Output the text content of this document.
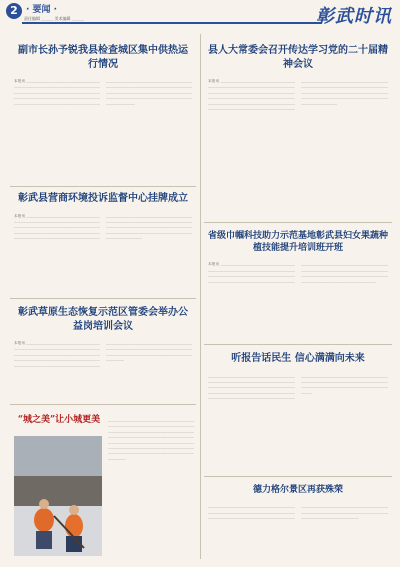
2 · 要闻 ·
责任编辑 ＿＿＿ 美术编辑 ＿＿＿	彰武时讯
副市长孙予锐我县检查城区集中供热运行情况
本报讯 ＿＿＿＿＿＿＿＿＿＿＿＿＿＿＿＿＿＿＿＿＿＿＿＿＿＿＿＿＿＿＿＿＿＿＿＿＿＿＿＿＿＿＿＿＿＿＿＿＿＿＿＿＿＿＿＿＿＿＿＿＿＿＿＿＿＿＿＿＿＿＿＿＿＿＿＿＿＿＿＿＿＿＿＿＿＿＿＿＿＿＿＿＿＿＿＿＿＿＿＿＿＿＿＿＿＿＿＿＿＿＿＿＿＿＿＿＿＿＿＿＿＿＿＿＿＿＿＿＿＿＿＿＿＿＿＿＿＿＿＿＿＿＿＿＿＿＿＿＿＿＿＿＿＿＿＿＿＿＿＿＿＿＿＿＿＿＿＿＿＿＿＿＿＿＿＿＿＿＿＿＿＿＿＿＿＿＿＿＿＿＿＿＿＿＿＿＿＿＿＿＿＿＿＿＿＿＿＿＿＿＿＿
彰武县营商环境投诉监督中心挂牌成立
本报讯 ＿＿＿＿＿＿＿＿＿＿＿＿＿＿＿＿＿＿＿＿＿＿＿＿＿＿＿＿＿＿＿＿＿＿＿＿＿＿＿＿＿＿＿＿＿＿＿＿＿＿＿＿＿＿＿＿＿＿＿＿＿＿＿＿＿＿＿＿＿＿＿＿＿＿＿＿＿＿＿＿＿＿＿＿＿＿＿＿＿＿＿＿＿＿＿＿＿＿＿＿＿＿＿＿＿＿＿＿＿＿＿＿＿＿＿＿＿＿＿＿＿＿＿＿＿＿＿＿＿＿＿＿＿＿＿＿＿＿＿＿＿＿＿＿＿＿＿＿＿＿＿＿＿＿＿＿＿＿＿＿＿＿＿＿＿＿＿＿＿＿＿＿＿＿＿＿＿＿＿＿＿＿＿＿＿＿＿＿＿＿＿＿＿＿＿＿＿＿＿＿＿＿＿＿＿＿＿＿＿＿＿＿＿＿
彰武草原生态恢复示范区管委会举办公益岗培训会议
本报讯 ＿＿＿＿＿＿＿＿＿＿＿＿＿＿＿＿＿＿＿＿＿＿＿＿＿＿＿＿＿＿＿＿＿＿＿＿＿＿＿＿＿＿＿＿＿＿＿＿＿＿＿＿＿＿＿＿＿＿＿＿＿＿＿＿＿＿＿＿＿＿＿＿＿＿＿＿＿＿＿＿＿＿＿＿＿＿＿＿＿＿＿＿＿＿＿＿＿＿＿＿＿＿＿＿＿＿＿＿＿＿＿＿＿＿＿＿＿＿＿＿＿＿＿＿＿＿＿＿＿＿＿＿＿＿＿＿＿＿＿＿＿＿＿＿＿＿＿＿＿＿＿＿＿＿＿＿＿＿＿＿＿＿＿＿＿＿＿＿＿＿＿＿＿＿＿＿＿＿＿＿＿＿＿＿＿＿
“城之美”让小城更美	＿＿＿＿＿＿＿＿＿＿＿＿＿＿＿＿＿＿＿＿＿＿＿＿＿＿＿＿＿＿＿＿＿＿＿＿＿＿＿＿＿＿＿＿＿＿＿＿＿＿＿＿＿＿＿＿＿＿＿＿＿＿＿＿＿＿＿＿＿＿＿＿＿＿＿＿＿＿＿＿＿＿＿＿＿＿＿＿＿＿＿＿＿＿＿＿＿＿＿＿＿＿＿＿＿＿＿＿＿＿＿＿＿＿＿＿＿＿＿＿＿＿＿＿＿＿＿＿＿＿＿＿＿＿＿＿＿＿＿＿＿＿＿＿＿＿＿＿＿＿＿＿＿＿＿＿＿＿＿＿＿＿＿＿＿＿
县人大常委会召开传达学习党的二十届精神会议
本报讯 ＿＿＿＿＿＿＿＿＿＿＿＿＿＿＿＿＿＿＿＿＿＿＿＿＿＿＿＿＿＿＿＿＿＿＿＿＿＿＿＿＿＿＿＿＿＿＿＿＿＿＿＿＿＿＿＿＿＿＿＿＿＿＿＿＿＿＿＿＿＿＿＿＿＿＿＿＿＿＿＿＿＿＿＿＿＿＿＿＿＿＿＿＿＿＿＿＿＿＿＿＿＿＿＿＿＿＿＿＿＿＿＿＿＿＿＿＿＿＿＿＿＿＿＿＿＿＿＿＿＿＿＿＿＿＿＿＿＿＿＿＿＿＿＿＿＿＿＿＿＿＿＿＿＿＿＿＿＿＿＿＿＿＿＿＿＿＿＿＿＿＿＿＿＿＿＿＿＿＿＿＿＿＿＿＿＿＿＿＿＿＿＿＿＿＿＿＿＿＿＿＿＿＿＿＿＿＿＿＿＿＿＿＿＿＿＿＿＿＿＿＿＿＿＿＿＿＿＿＿＿＿＿＿＿＿＿＿＿＿＿＿＿＿＿＿＿
省级巾帼科技助力示范基地彰武县妇女果蔬种植技能提升培训班开班
本报讯 ＿＿＿＿＿＿＿＿＿＿＿＿＿＿＿＿＿＿＿＿＿＿＿＿＿＿＿＿＿＿＿＿＿＿＿＿＿＿＿＿＿＿＿＿＿＿＿＿＿＿＿＿＿＿＿＿＿＿＿＿＿＿＿＿＿＿＿＿＿＿＿＿＿＿＿＿＿＿＿＿＿＿＿＿＿＿＿＿＿＿＿＿＿＿＿＿＿＿＿＿＿＿＿＿＿＿＿＿＿＿＿＿＿＿＿＿＿＿＿＿＿＿＿＿＿＿＿＿＿＿＿＿＿＿＿＿＿＿＿＿＿＿＿＿＿＿＿＿＿＿＿＿＿＿＿＿＿＿＿＿＿＿＿＿＿＿＿＿＿＿＿＿＿＿＿＿＿＿＿＿＿＿＿＿＿
听报告话民生 信心满满向未来
＿＿＿＿＿＿＿＿＿＿＿＿＿＿＿＿＿＿＿＿＿＿＿＿＿＿＿＿＿＿＿＿＿＿＿＿＿＿＿＿＿＿＿＿＿＿＿＿＿＿＿＿＿＿＿＿＿＿＿＿＿＿＿＿＿＿＿＿＿＿＿＿＿＿＿＿＿＿＿＿＿＿＿＿＿＿＿＿＿＿＿＿＿＿＿＿＿＿＿＿＿＿＿＿＿＿＿＿＿＿＿＿＿＿＿＿＿＿＿＿＿＿＿＿＿＿＿＿＿＿＿＿＿＿＿＿＿＿＿＿＿＿＿＿＿＿＿＿＿＿＿＿＿＿＿＿＿＿＿＿＿＿＿＿＿＿＿＿＿＿＿＿＿＿＿＿＿＿＿＿＿＿＿＿＿＿＿＿＿＿＿＿＿＿＿
德力格尔景区再获殊荣
＿＿＿＿＿＿＿＿＿＿＿＿＿＿＿＿＿＿＿＿＿＿＿＿＿＿＿＿＿＿＿＿＿＿＿＿＿＿＿＿＿＿＿＿＿＿＿＿＿＿＿＿＿＿＿＿＿＿＿＿＿＿＿＿＿＿＿＿＿＿＿＿＿＿＿＿＿＿＿＿＿＿＿＿＿＿＿＿＿＿＿＿＿＿＿＿＿＿＿＿＿＿＿＿＿＿＿＿＿＿＿＿＿＿＿＿＿＿＿＿＿＿＿＿＿＿＿＿＿＿＿＿＿＿＿＿
